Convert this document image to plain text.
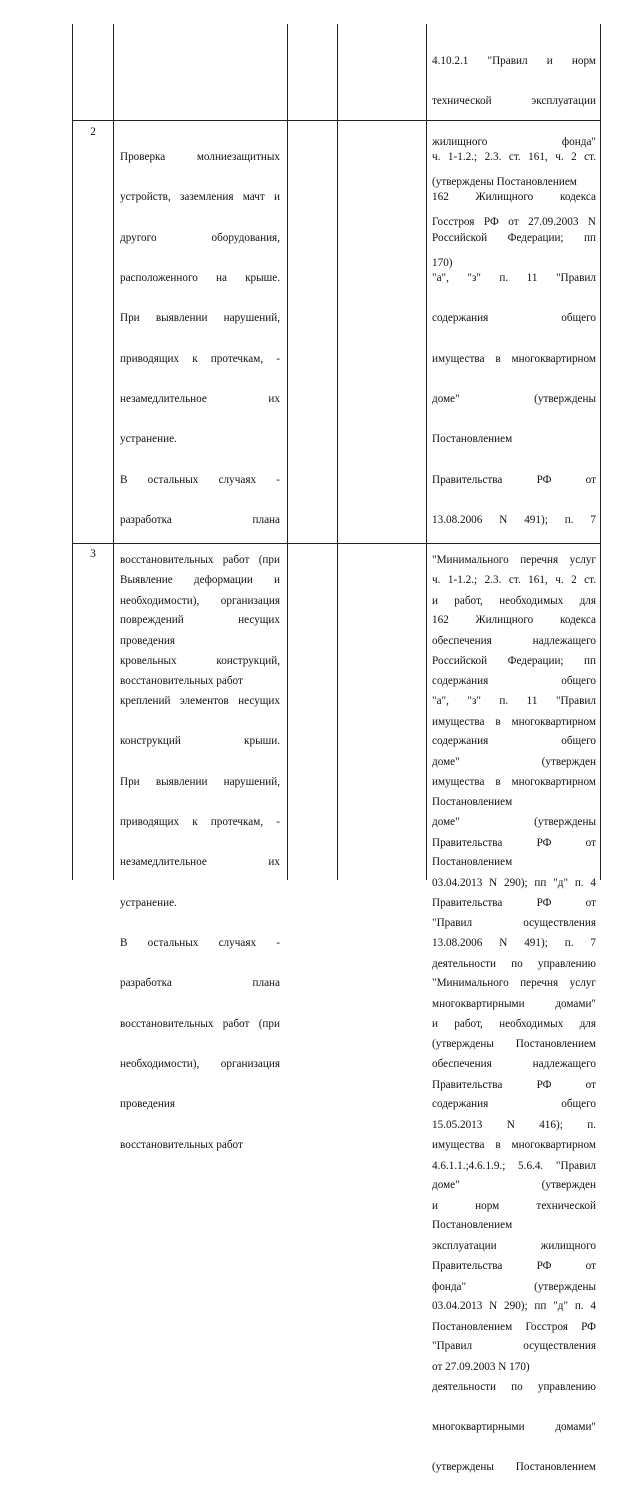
4.10.2.1 "Правил и норм

технической эксплуатации

жилищного фонда"

(утверждены Постановлением

Госстроя РФ от 27.09.2003 N

170)

2

Проверка молниезащитных

устройств, заземления мачт и

другого оборудования,

расположенного на крыше.

При выявлении нарушений,

приводящих к протечкам, -

незамедлительное их

устранение.

В остальных случаях -

разработка плана

восстановительных работ (при

необходимости), организация

проведения

восстановительных работ

ч. 1-1.2.; 2.3. ст. 161, ч. 2 ст.

162 Жилищного кодекса

Российской Федерации; пп

"а", "з" п. 11 "Правил

содержания общего

имущества в многоквартирном

доме" (утверждены

Постановлением

Правительства РФ от

13.08.2006 N 491); п. 7

"Минимального перечня услуг

и работ, необходимых для

обеспечения надлежащего

содержания общего

имущества в многоквартирном

доме" (утвержден

Постановлением

Правительства РФ от

03.04.2013 N 290); пп "д" п. 4

"Правил осуществления

деятельности по управлению

многоквартирными домами"

(утверждены Постановлением

Правительства РФ от

15.05.2013 N 416); п.

4.6.1.1.;4.6.1.9.; 5.6.4. "Правил

и норм технической

эксплуатации жилищного

фонда" (утверждены

Постановлением Госстроя РФ

от 27.09.2003 N 170)

3

Выявление деформации и

повреждений несущих

кровельных конструкций,

креплений элементов несущих

конструкций крыши.

При выявлении нарушений,

приводящих к протечкам, -

незамедлительное их

устранение.

В остальных случаях -

разработка плана

восстановительных работ (при

необходимости), организация

проведения

восстановительных работ

ч. 1-1.2.; 2.3. ст. 161, ч. 2 ст.

162 Жилищного кодекса

Российской Федерации; пп

"а", "з" п. 11 "Правил

содержания общего

имущества в многоквартирном

доме" (утверждены

Постановлением

Правительства РФ от

13.08.2006 N 491); п. 7

"Минимального перечня услуг

и работ, необходимых для

обеспечения надлежащего

содержания общего

имущества в многоквартирном

доме" (утвержден

Постановлением

Правительства РФ от

03.04.2013 N 290); пп "д" п. 4

"Правил осуществления

деятельности по управлению

многоквартирными домами"

(утверждены Постановлением
